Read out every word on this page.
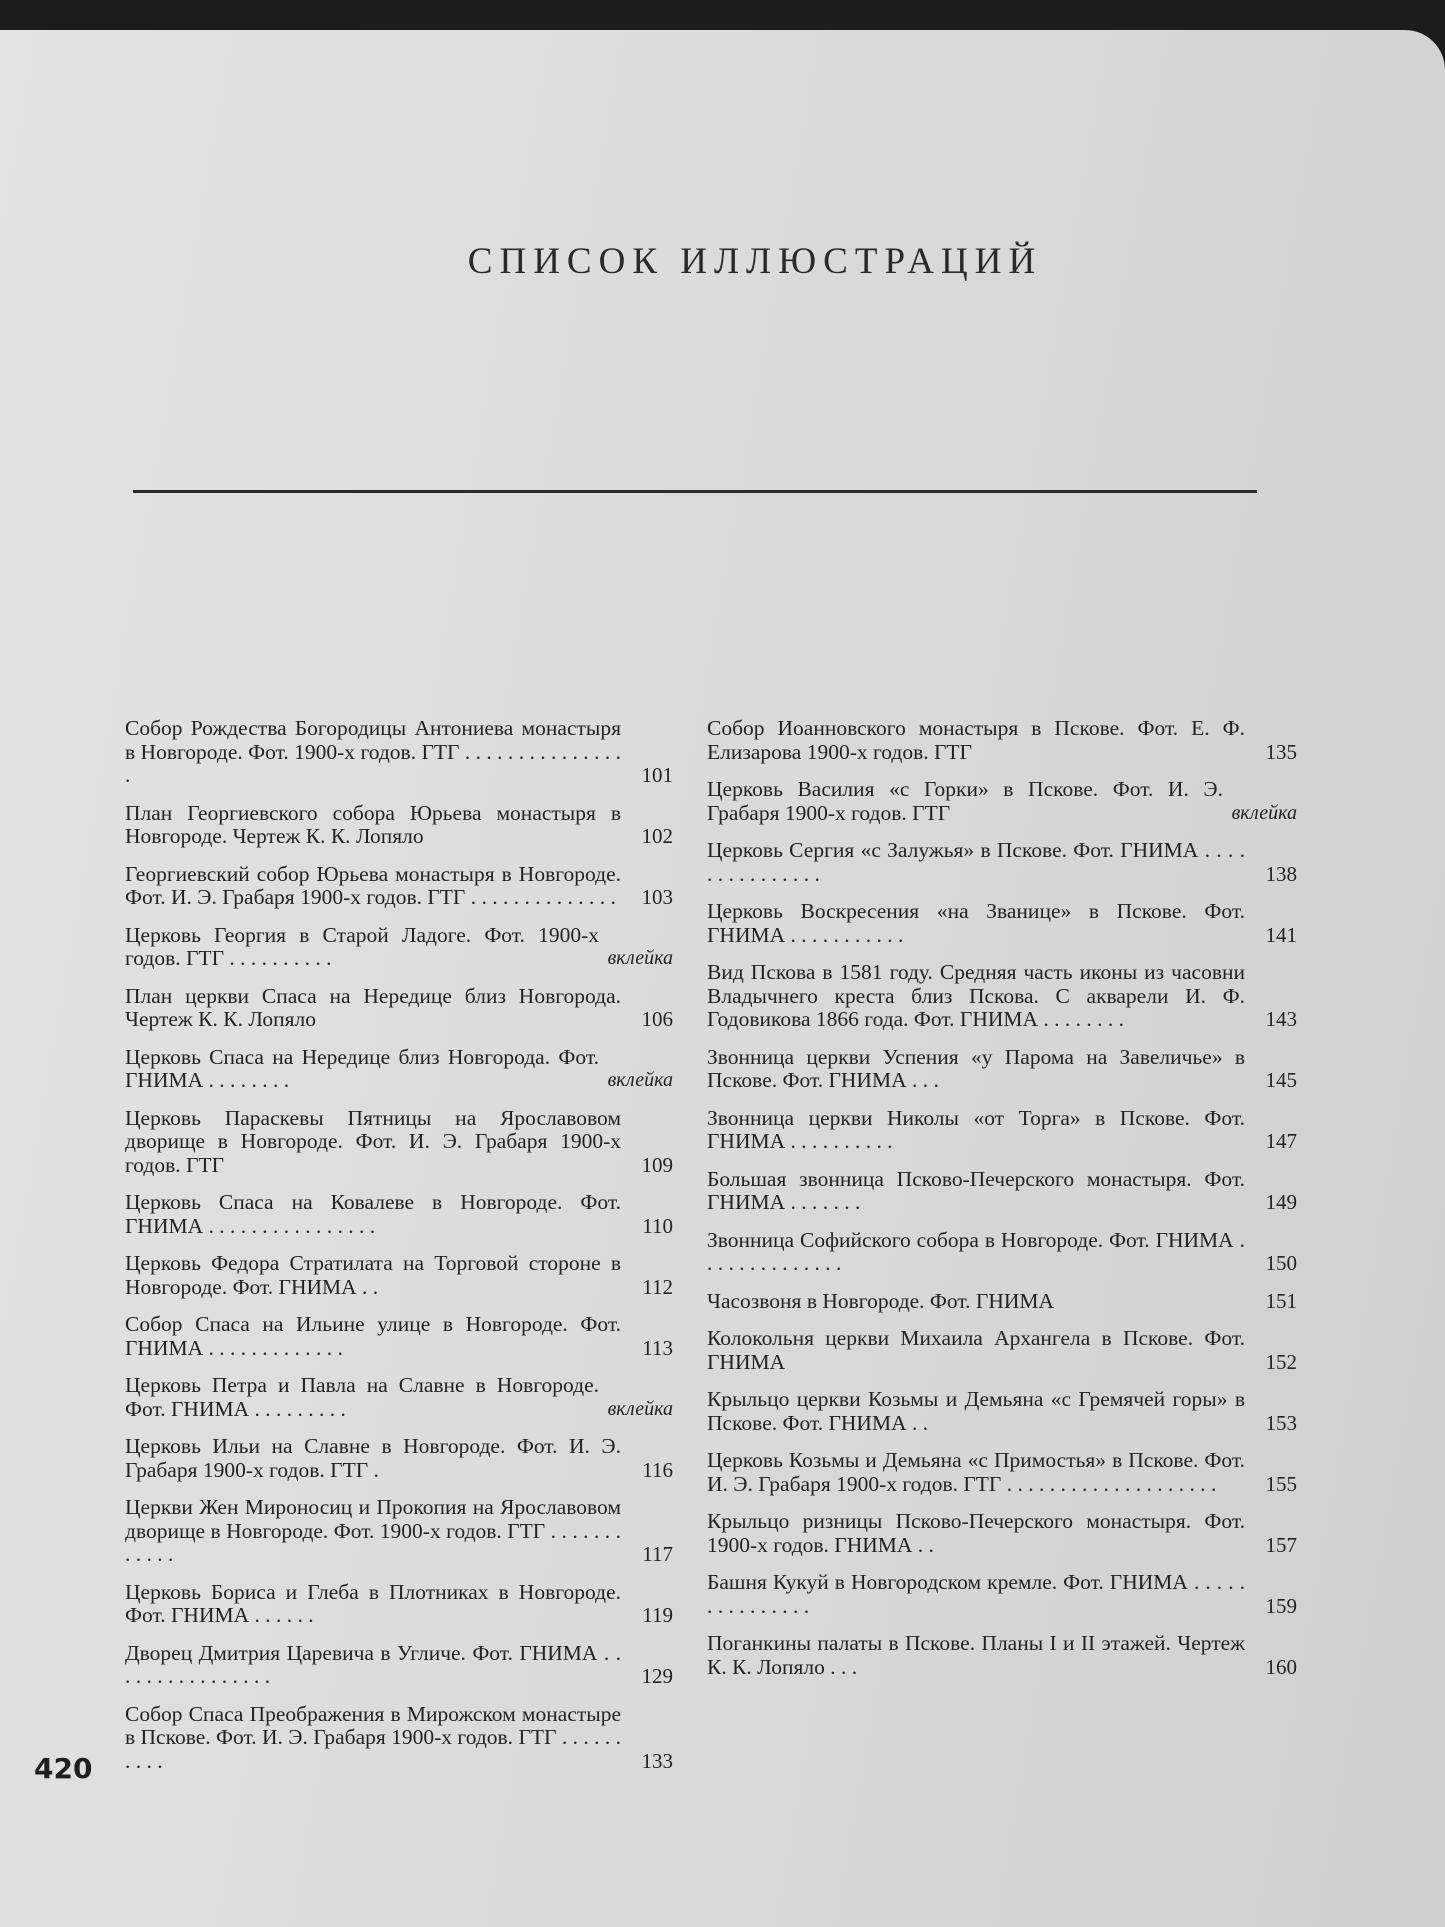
СПИСОК ИЛЛЮСТРАЦИЙ
Собор Рождества Богородицы Антониева монастыря в Новгороде. Фот. 1900-х годов. ГТГ . . . . . . . . . . . . . . . .	101
План Георгиевского собора Юрьева монастыря в Новгороде. Чертеж К. К. Лопяло	102
Георгиевский собор Юрьева монастыря в Новгороде. Фот. И. Э. Грабаря 1900-х годов. ГТГ . . . . . . . . . . . . . .	103
Церковь Георгия в Старой Ладоге. Фот. 1900-х годов. ГТГ . . . . . . . . . .	вклейка
План церкви Спаса на Нередице близ Новгорода. Чертеж К. К. Лопяло	106
Церковь Спаса на Нередице близ Новгорода. Фот. ГНИМА . . . . . . . .	вклейка
Церковь Параскевы Пятницы на Ярославовом дворище в Новгороде. Фот. И. Э. Грабаря 1900-х годов. ГТГ	109
Церковь Спаса на Ковалеве в Новгороде. Фот. ГНИМА . . . . . . . . . . . . . . . .	110
Церковь Федора Стратилата на Торговой стороне в Новгороде. Фот. ГНИМА . .	112
Собор Спаса на Ильине улице в Новгороде. Фот. ГНИМА . . . . . . . . . . . . .	113
Церковь Петра и Павла на Славне в Новгороде. Фот. ГНИМА . . . . . . . . .	вклейка
Церковь Ильи на Славне в Новгороде. Фот. И. Э. Грабаря 1900-х годов. ГТГ .	116
Церкви Жен Мироносиц и Прокопия на Ярославовом дворище в Новгороде. Фот. 1900-х годов. ГТГ . . . . . . . . . . . .	117
Церковь Бориса и Глеба в Плотниках в Новгороде. Фот. ГНИМА . . . . . .	119
Дворец Дмитрия Царевича в Угличе. Фот. ГНИМА . . . . . . . . . . . . . . . .	129
Собор Спаса Преображения в Мирожском монастыре в Пскове. Фот. И. Э. Грабаря 1900-х годов. ГТГ . . . . . . . . . .	133
Собор Иоанновского монастыря в Пскове. Фот. Е. Ф. Елизарова 1900-х годов. ГТГ	135
Церковь Василия «с Горки» в Пскове. Фот. И. Э. Грабаря 1900-х годов. ГТГ	вклейка
Церковь Сергия «с Залужья» в Пскове. Фот. ГНИМА . . . . . . . . . . . . . . .	138
Церковь Воскресения «на Званице» в Пскове. Фот. ГНИМА . . . . . . . . . . .	141
Вид Пскова в 1581 году. Средняя часть иконы из часовни Владычнего креста близ Пскова. С акварели И. Ф. Годовикова 1866 года. Фот. ГНИМА . . . . . . . .	143
Звонница церкви Успения «у Парома на Завеличье» в Пскове. Фот. ГНИМА . . .	145
Звонница церкви Николы «от Торга» в Пскове. Фот. ГНИМА . . . . . . . . . .	147
Большая звонница Псково-Печерского монастыря. Фот. ГНИМА . . . . . . .	149
Звонница Софийского собора в Новгороде. Фот. ГНИМА . . . . . . . . . . . . . .	150
Часозвоня в Новгороде. Фот. ГНИМА	151
Колокольня церкви Михаила Архангела в Пскове. Фот. ГНИМА	152
Крыльцо церкви Козьмы и Демьяна «с Гремячей горы» в Пскове. Фот. ГНИМА . .	153
Церковь Козьмы и Демьяна «с Примостья» в Пскове. Фот. И. Э. Грабаря 1900-х годов. ГТГ . . . . . . . . . . . . . . . . . . . .	155
Крыльцо ризницы Псково-Печерского монастыря. Фот. 1900-х годов. ГНИМА . .	157
Башня Кукуй в Новгородском кремле. Фот. ГНИМА . . . . . . . . . . . . . . .	159
Поганкины палаты в Пскове. Планы I и II этажей. Чертеж К. К. Лопяло . . .	160
420
